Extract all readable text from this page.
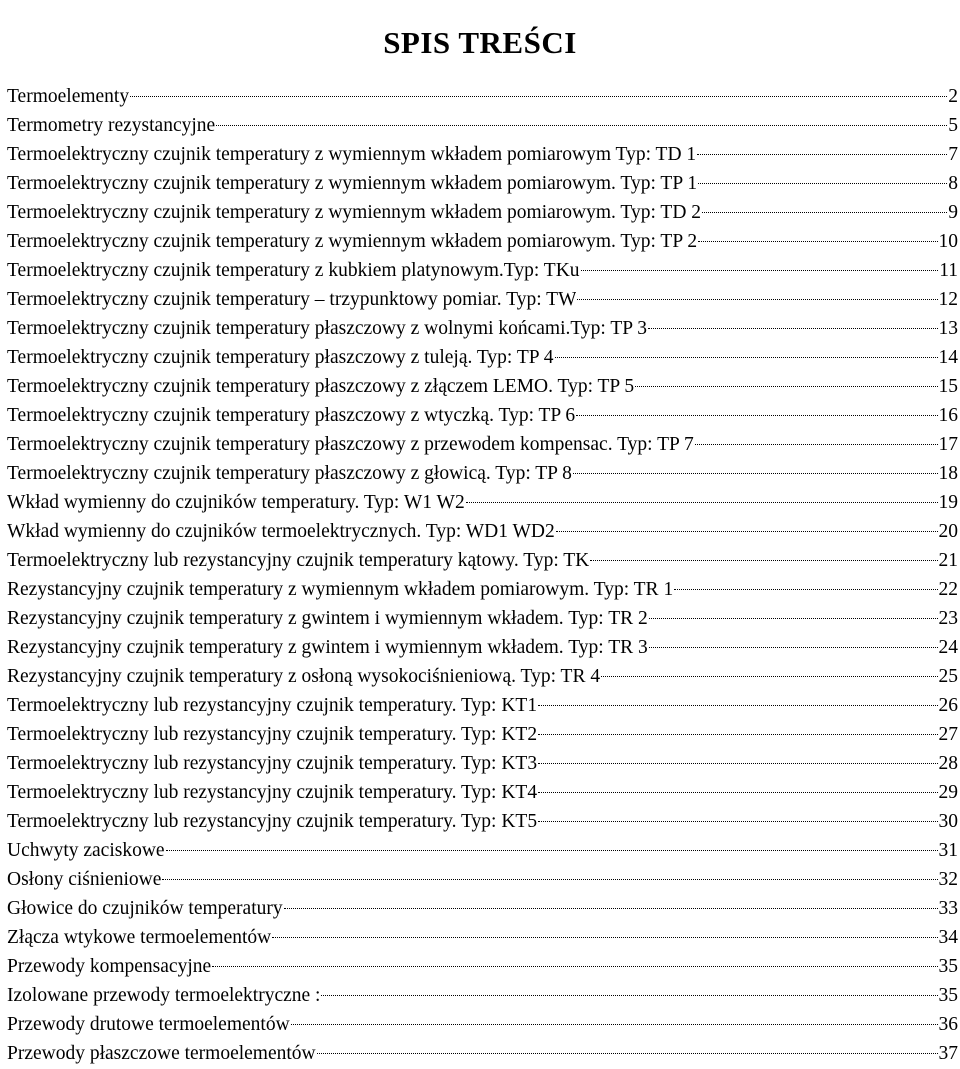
SPIS TREŚCI
Termoelementy	2
Termometry rezystancyjne	5
Termoelektryczny czujnik temperatury z wymiennym wkładem pomiarowym Typ: TD 1	7
Termoelektryczny czujnik temperatury z wymiennym wkładem pomiarowym. Typ: TP 1	8
Termoelektryczny czujnik temperatury z wymiennym wkładem pomiarowym. Typ: TD 2	9
Termoelektryczny czujnik temperatury z wymiennym wkładem pomiarowym. Typ: TP 2	10
Termoelektryczny czujnik temperatury z kubkiem platynowym.Typ: TKu	11
Termoelektryczny czujnik temperatury – trzypunktowy pomiar. Typ: TW	12
Termoelektryczny czujnik temperatury płaszczowy z wolnymi końcami.Typ: TP 3	13
Termoelektryczny czujnik temperatury płaszczowy z tuleją. Typ: TP 4	14
Termoelektryczny czujnik temperatury płaszczowy z złączem LEMO. Typ: TP 5	15
Termoelektryczny czujnik temperatury płaszczowy z wtyczką. Typ: TP 6	16
Termoelektryczny czujnik temperatury płaszczowy z przewodem kompensac. Typ: TP 7	17
Termoelektryczny czujnik temperatury płaszczowy z głowicą. Typ: TP 8	18
Wkład wymienny do czujników temperatury. Typ: W1 W2	19
Wkład wymienny do czujników termoelektrycznych. Typ: WD1 WD2	20
Termoelektryczny lub rezystancyjny czujnik temperatury kątowy. Typ: TK	21
Rezystancyjny czujnik temperatury z wymiennym wkładem pomiarowym. Typ: TR 1	22
Rezystancyjny czujnik temperatury z gwintem i wymiennym wkładem. Typ: TR 2	23
Rezystancyjny czujnik temperatury z gwintem i wymiennym wkładem. Typ: TR 3	24
Rezystancyjny czujnik temperatury z osłoną wysokociśnieniową. Typ: TR 4	25
Termoelektryczny lub rezystancyjny czujnik temperatury. Typ: KT1	26
Termoelektryczny lub rezystancyjny czujnik temperatury. Typ: KT2	27
Termoelektryczny lub rezystancyjny czujnik temperatury. Typ: KT3	28
Termoelektryczny lub rezystancyjny czujnik temperatury. Typ: KT4	29
Termoelektryczny lub rezystancyjny czujnik temperatury. Typ: KT5	30
Uchwyty zaciskowe	31
Osłony ciśnieniowe	32
Głowice do czujników temperatury	33
Złącza wtykowe termoelementów	34
Przewody kompensacyjne	35
Izolowane przewody termoelektryczne :	35
Przewody drutowe termoelementów	36
Przewody płaszczowe termoelementów	37
